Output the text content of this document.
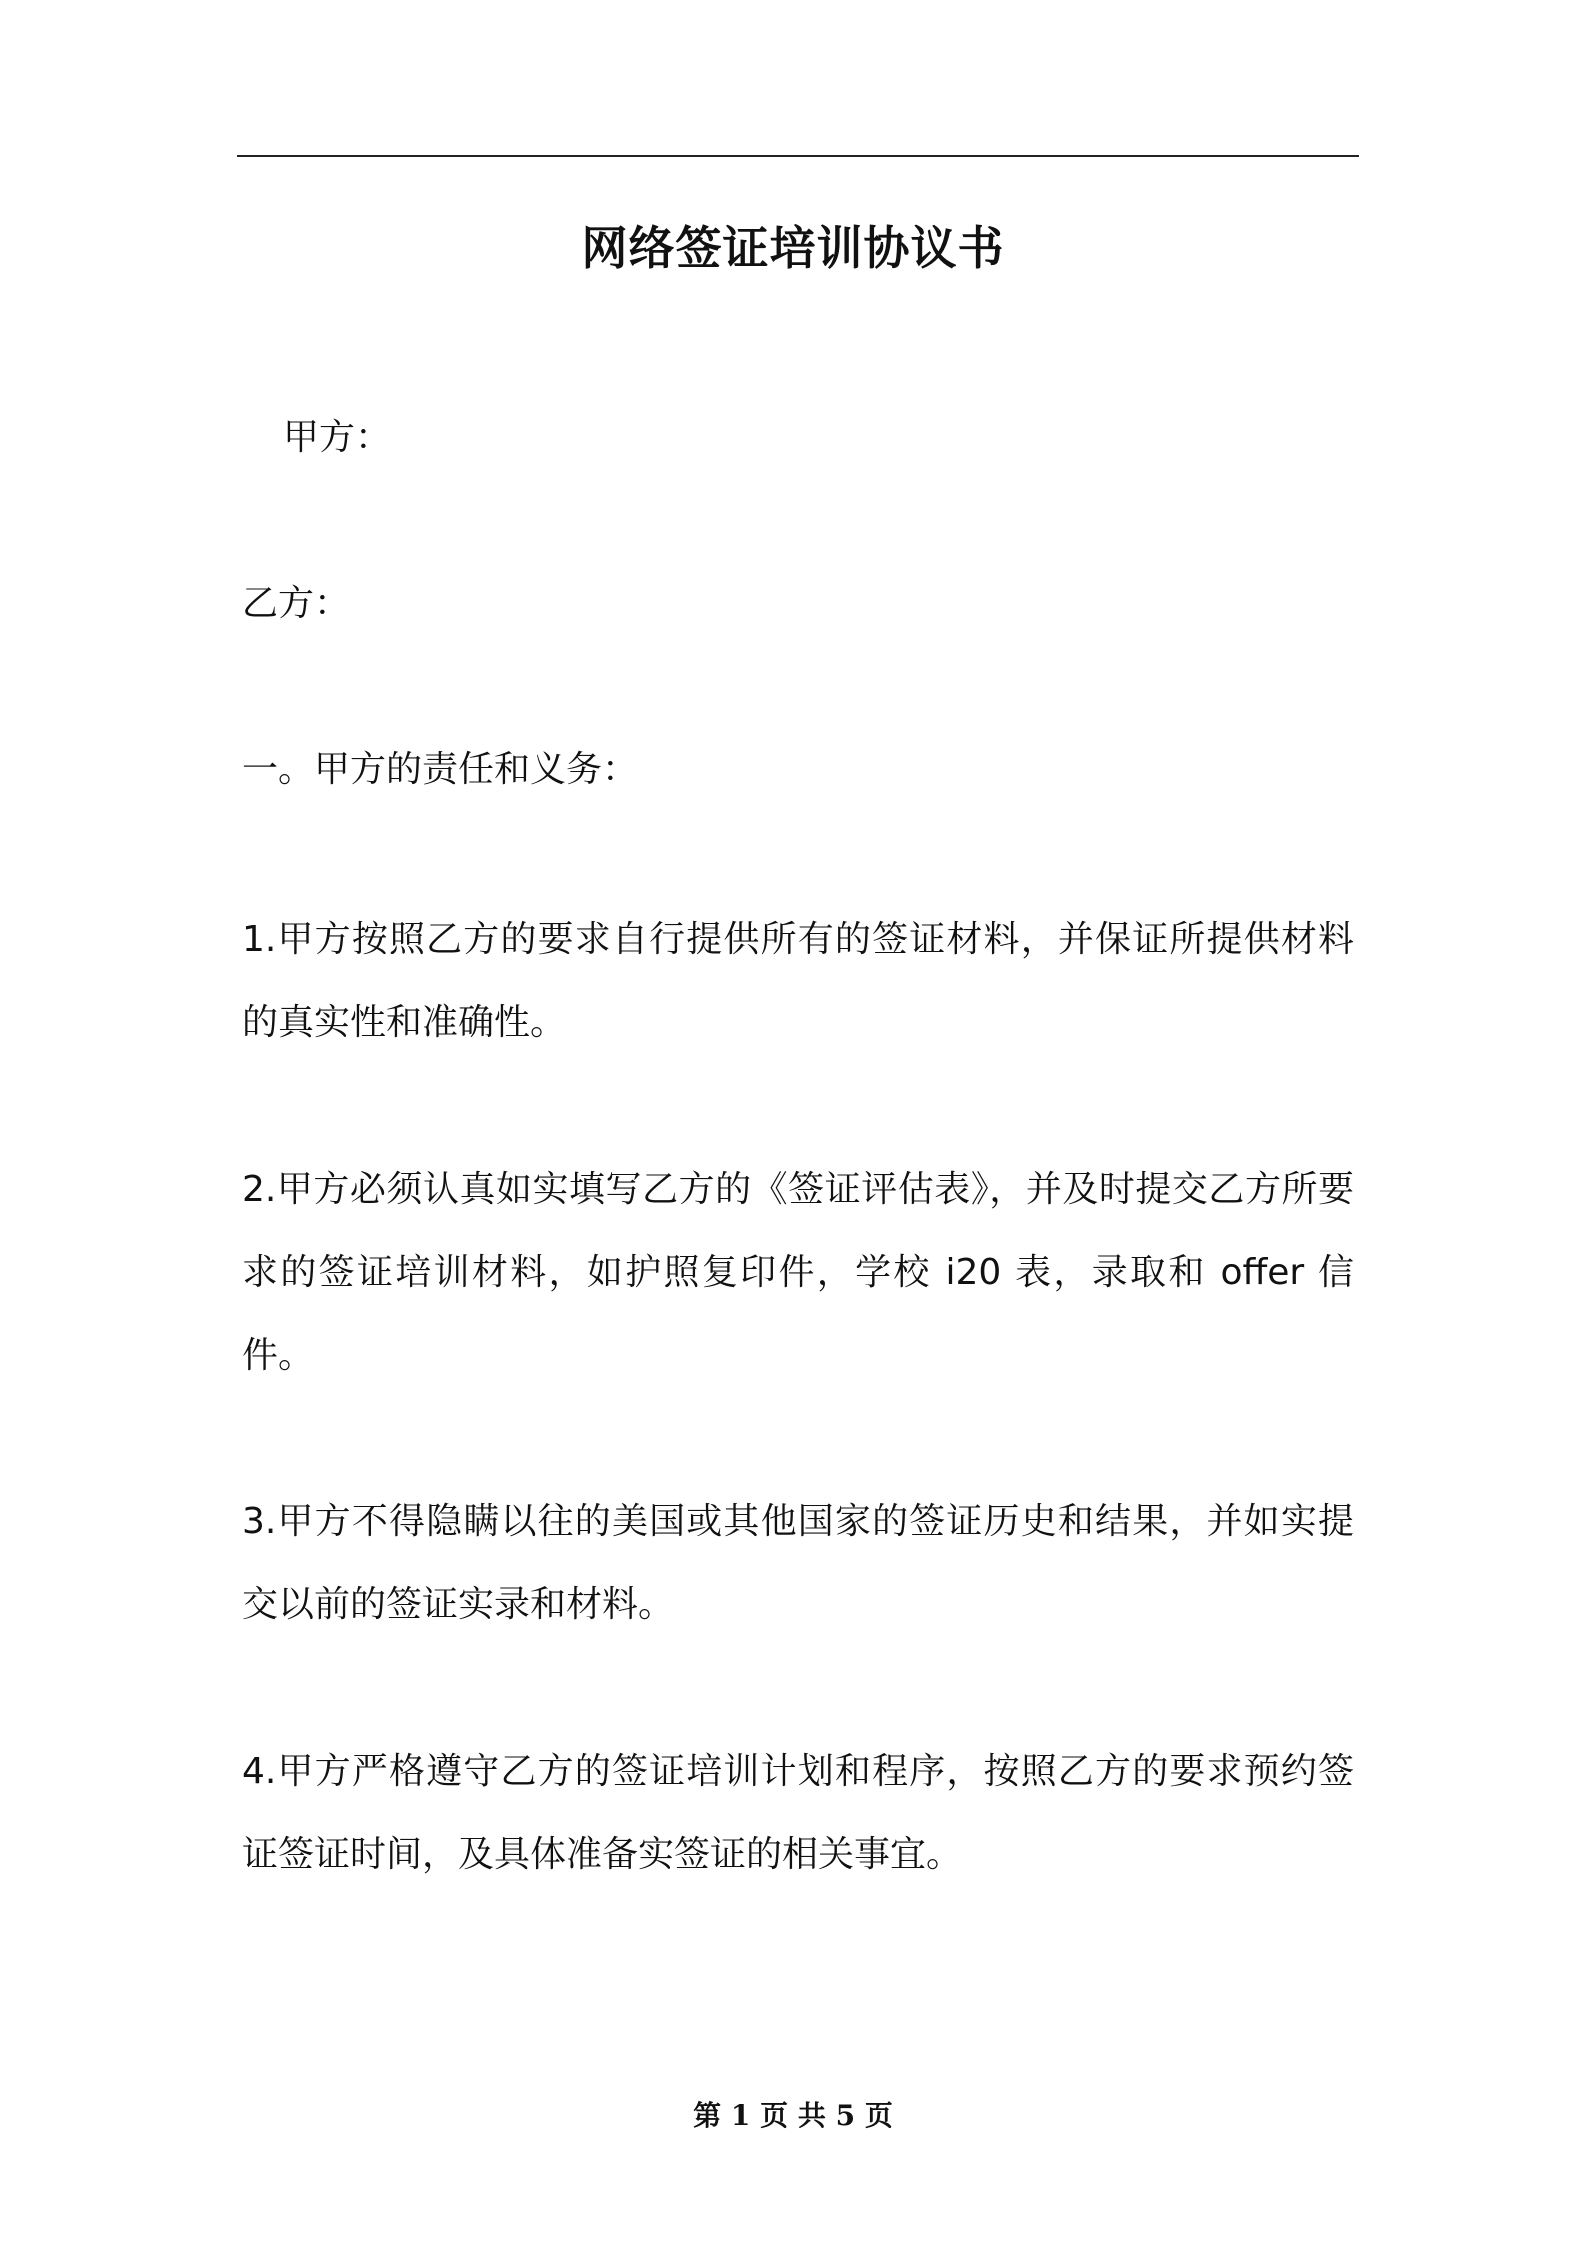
网络签证培训协议书
甲方：
乙方：
一。甲方的责任和义务：
1.甲方按照乙方的要求自行提供所有的签证材料，并保证所提供材料的真实性和准确性。
2.甲方必须认真如实填写乙方的《签证评估表》，并及时提交乙方所要求的签证培训材料，如护照复印件，学校 i20 表，录取和 offer 信件。
3.甲方不得隐瞒以往的美国或其他国家的签证历史和结果，并如实提交以前的签证实录和材料。
4.甲方严格遵守乙方的签证培训计划和程序，按照乙方的要求预约签证签证时间，及具体准备实签证的相关事宜。
第 1 页 共 5 页
